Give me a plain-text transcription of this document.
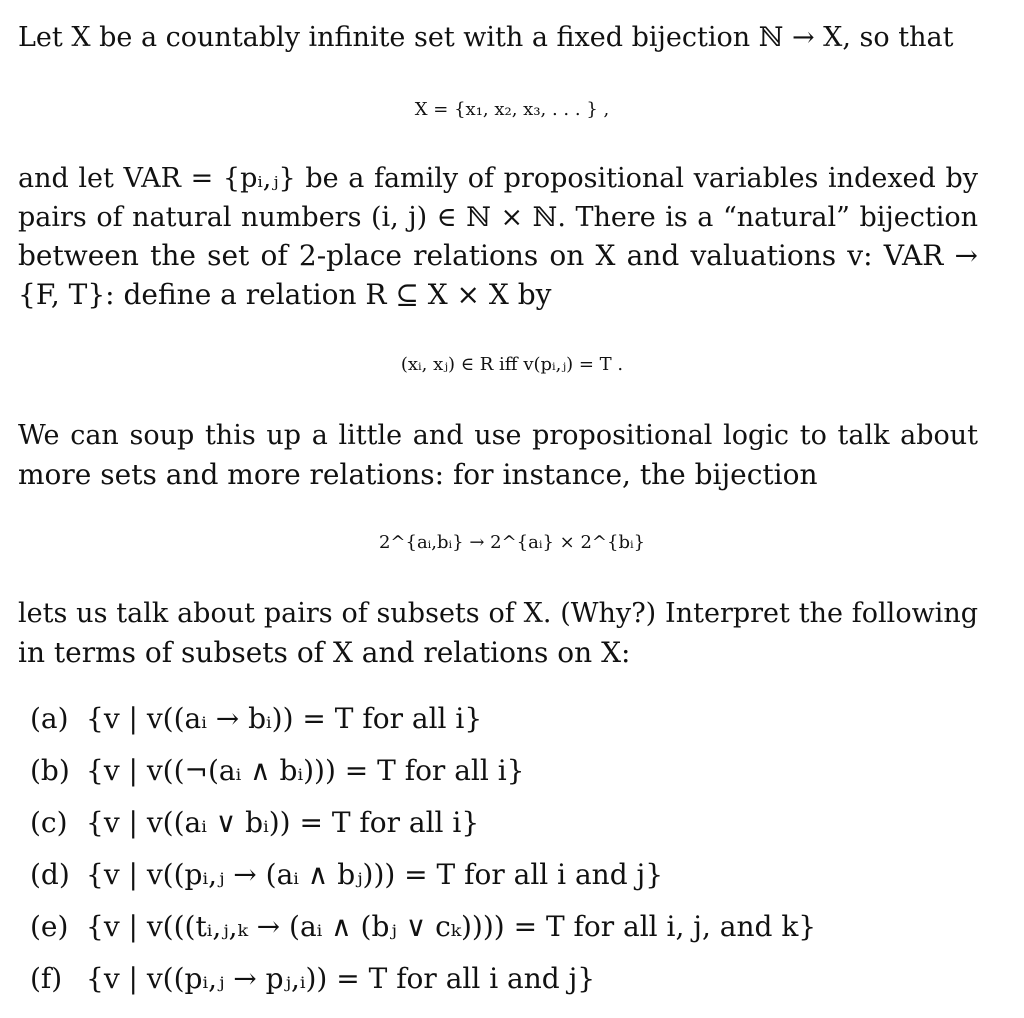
Let X be a countably infinite set with a fixed bijection ℕ → X, so that
X = {x₁, x₂, x₃, . . . } ,
and let VAR = {pᵢ,ⱼ} be a family of propositional variables indexed by
pairs of natural numbers (i, j) ∈ ℕ × ℕ. There is a “natural” bijection
between the set of 2-place relations on X and valuations v: VAR →
{F, T}: define a relation R ⊆ X × X by
(xᵢ, xⱼ) ∈ R iff v(pᵢ,ⱼ) = T .
We can soup this up a little and use propositional logic to talk about
more sets and more relations: for instance, the bijection
2^{aᵢ,bᵢ} → 2^{aᵢ} × 2^{bᵢ}
lets us talk about pairs of subsets of X. (Why?) Interpret the following
in terms of subsets of X and relations on X:
(a) {v | v((aᵢ → bᵢ)) = T for all i}
(b) {v | v((¬(aᵢ ∧ bᵢ))) = T for all i}
(c) {v | v((aᵢ ∨ bᵢ)) = T for all i}
(d) {v | v((pᵢ,ⱼ → (aᵢ ∧ bⱼ))) = T for all i and j}
(e) {v | v(((tᵢ,ⱼ,ₖ → (aᵢ ∧ (bⱼ ∨ cₖ)))) = T for all i, j, and k}
(f) {v | v((pᵢ,ⱼ → pⱼ,ᵢ)) = T for all i and j}
